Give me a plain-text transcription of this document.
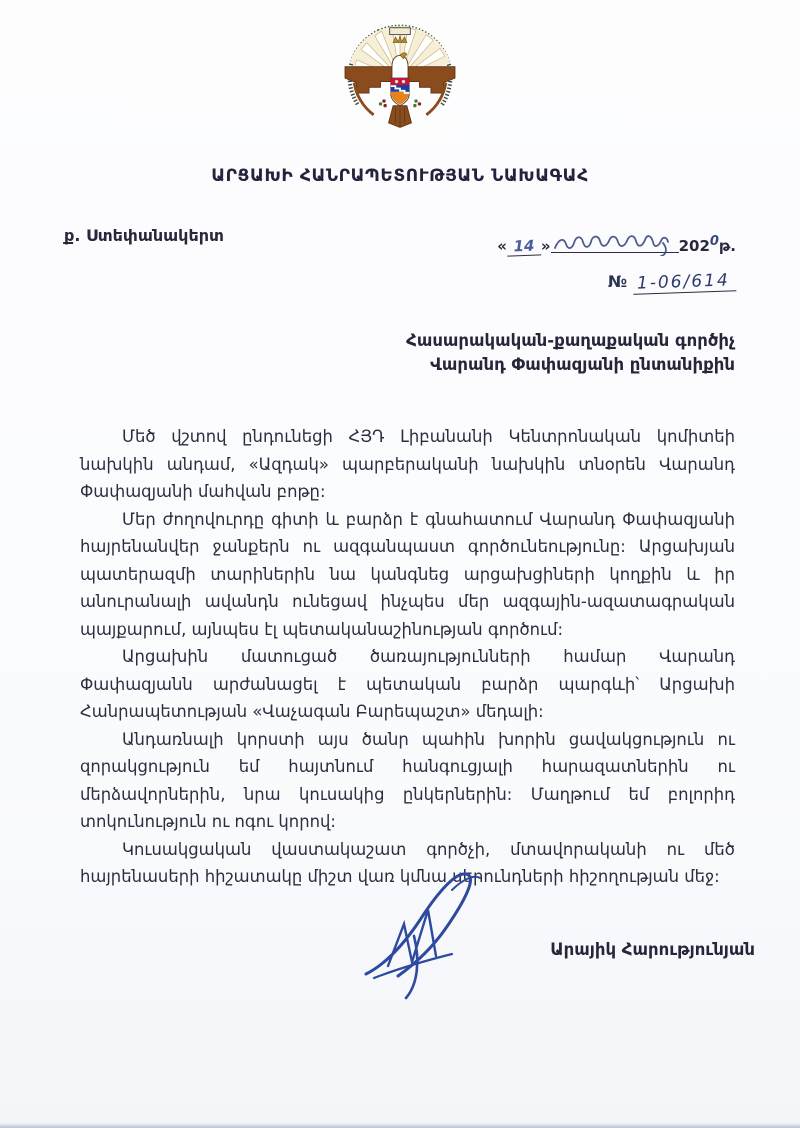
ԱՐՑԱԽԻ ՀԱՆՐԱՊԵՏՈՒԹՅԱՆ ՆԱԽԱԳԱՀ
ք. Ստեփանակերտ
« 14 »	2020թ.
№ 1-06/614
Հասարակական-քաղաքական գործիչ
Վարանդ Փափազյանի ընտանիքին

Մեծ վշտով ընդունեցի ՀՅԴ Լիբանանի Կենտրոնական կոմիտեի նախկին անդամ, «Ազդակ» պարբերականի նախկին տնօրեն Վարանդ Փափազյանի մահվան բոթը:

Մեր ժողովուրդը գիտի և բարձր է գնահատում Վարանդ Փափազյանի հայրենանվեր ջանքերն ու ազգանպաստ գործունեությունը: Արցախյան պատերազմի տարիներին նա կանգնեց արցախցիների կողքին և իր անուրանալի ավանդն ունեցավ ինչպես մեր ազգային-ազատագրական պայքարում, այնպես էլ պետականաշինության գործում:

Արցախին մատուցած ծառայությունների համար Վարանդ Փափազյանն արժանացել է պետական բարձր պարգևի՝ Արցախի Հանրապետության «Վաչագան Բարեպաշտ» մեդալի:

Անդառնալի կորստի այս ծանր պահին խորին ցավակցություն ու զորակցություն եմ հայտնում հանգուցյալի հարազատներին ու մերձավորներին, նրա կուսակից ընկերներին: Մաղթում եմ բոլորիդ տոկունություն ու ոգու կորով:

Կուսակցական վաստակաշատ գործչի, մտավորականի ու մեծ հայրենասերի հիշատակը միշտ վառ կմնա սերունդների հիշողության մեջ:

Արայիկ Հարությունյան
